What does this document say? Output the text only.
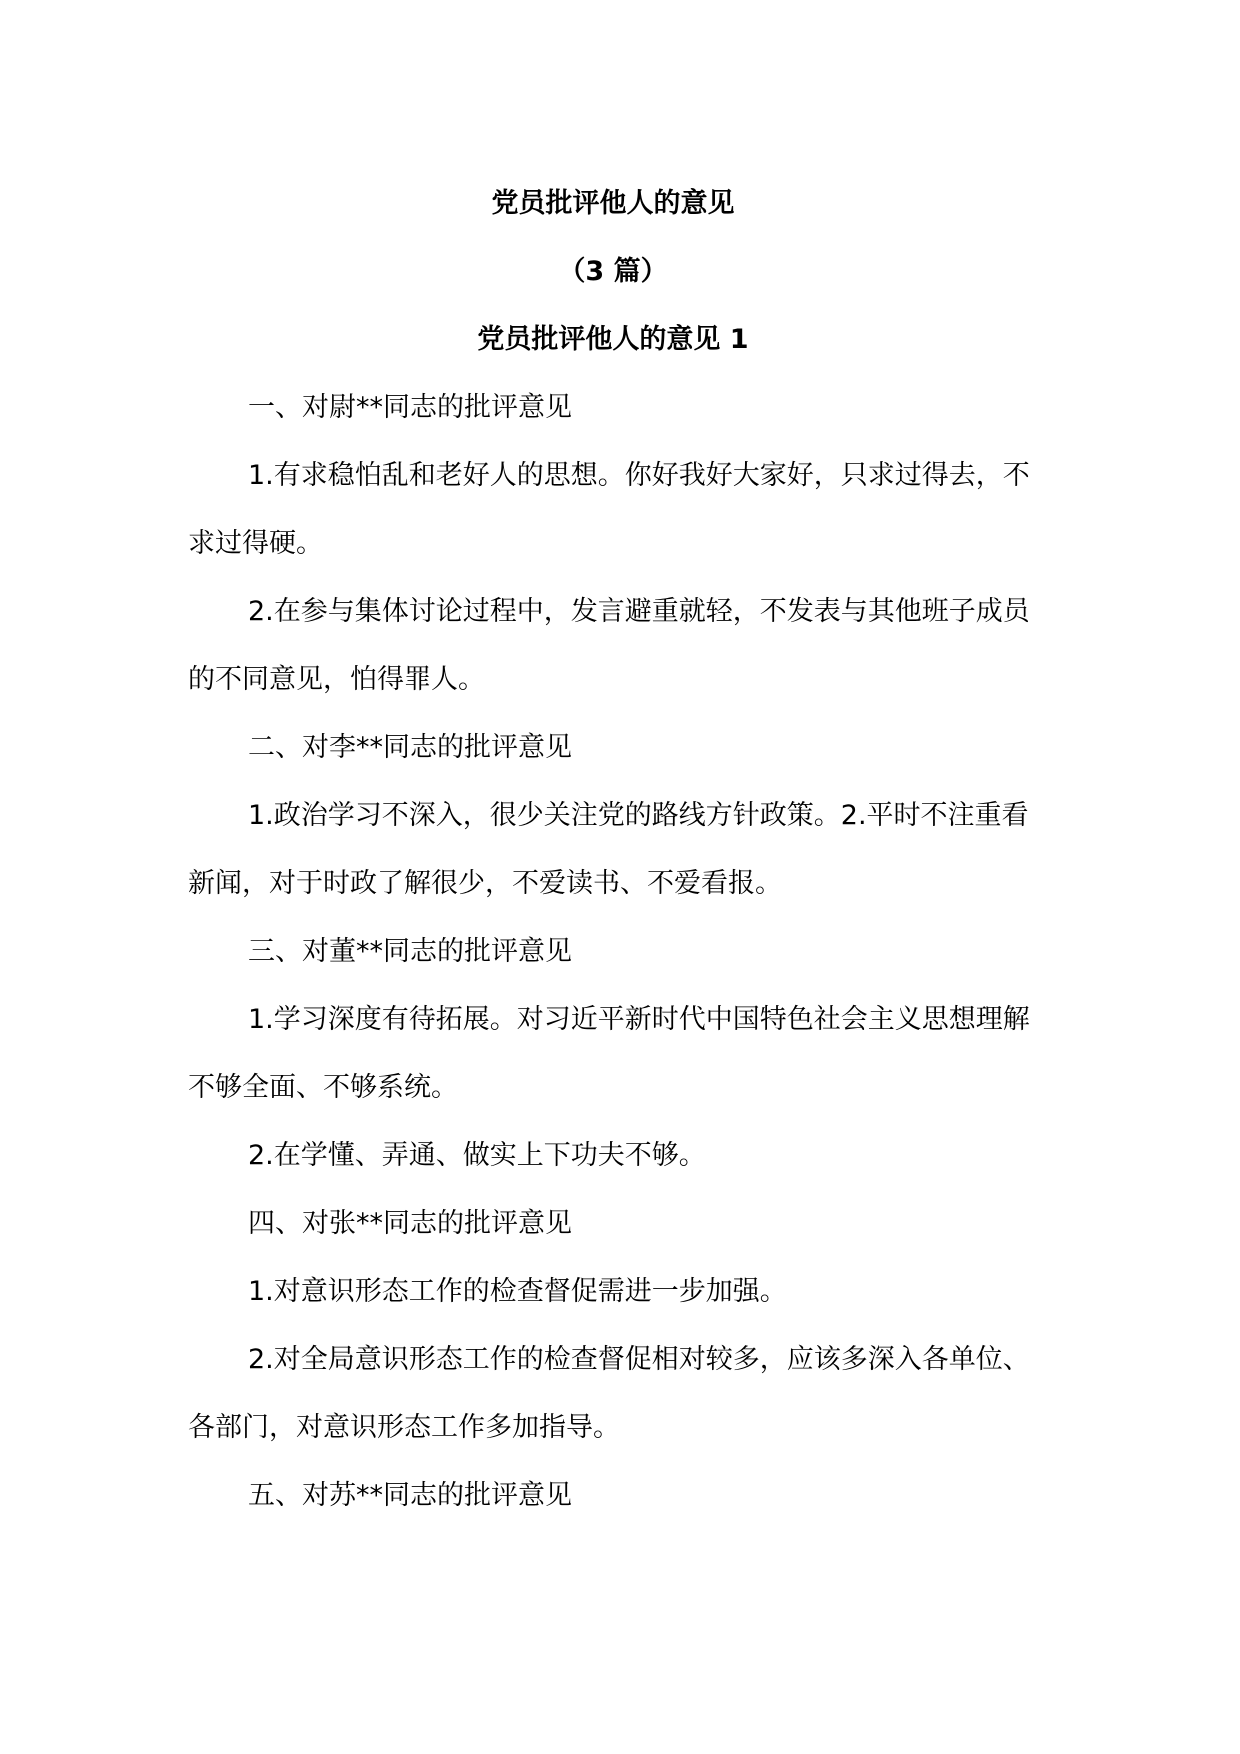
党员批评他人的意见

（3 篇）

党员批评他人的意见 1

一、对尉**同志的批评意见

1.有求稳怕乱和老好人的思想。你好我好大家好，只求过得去，不求过得硬。

2.在参与集体讨论过程中，发言避重就轻，不发表与其他班子成员的不同意见，怕得罪人。

二、对李**同志的批评意见

1.政治学习不深入，很少关注党的路线方针政策。2.平时不注重看新闻，对于时政了解很少，不爱读书、不爱看报。

三、对董**同志的批评意见

1.学习深度有待拓展。对习近平新时代中国特色社会主义思想理解不够全面、不够系统。

2.在学懂、弄通、做实上下功夫不够。

四、对张**同志的批评意见

1.对意识形态工作的检查督促需进一步加强。

2.对全局意识形态工作的检查督促相对较多，应该多深入各单位、各部门，对意识形态工作多加指导。

五、对苏**同志的批评意见
